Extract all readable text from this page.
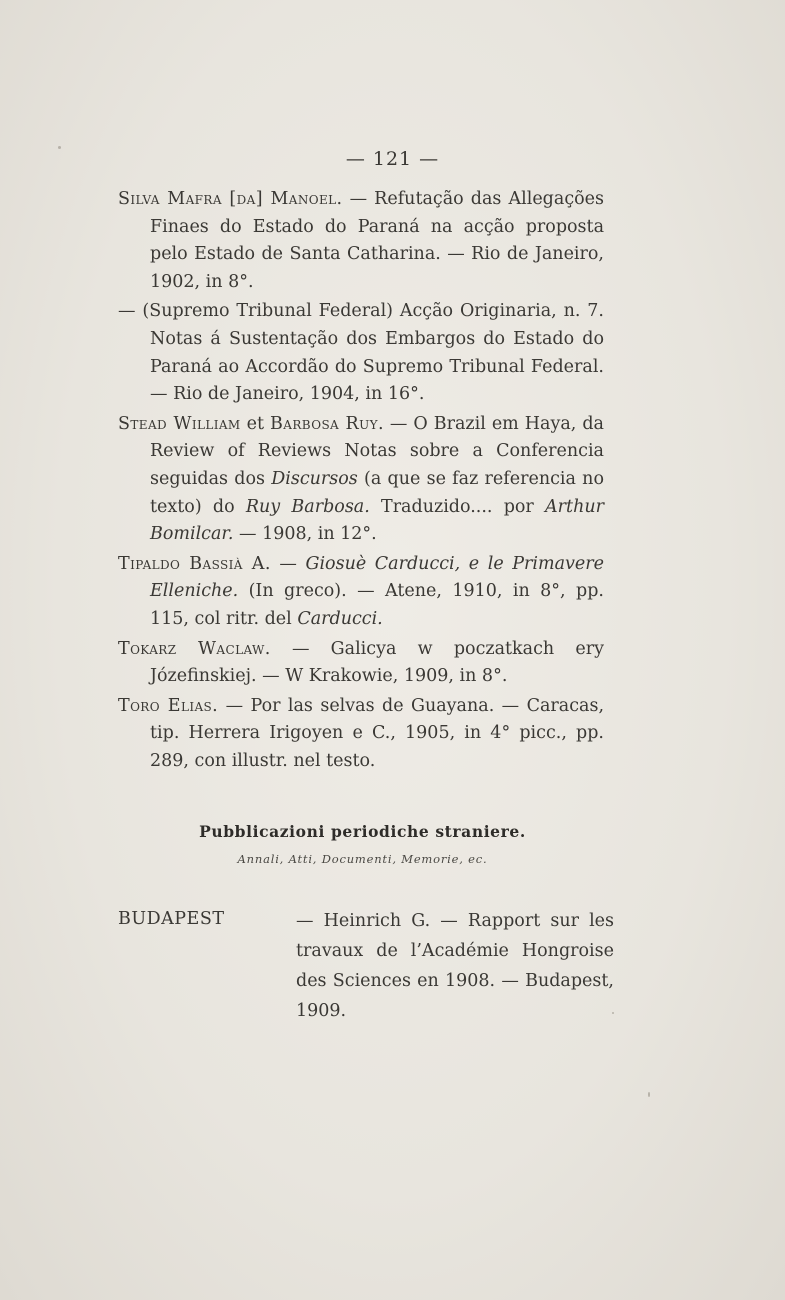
— 121 —

Silva Mafra [da] Manoel. — Refutação das Allegações Finaes do Estado do Paraná na acção proposta pelo Estado de Santa Catharina. — Rio de Janeiro, 1902, in 8°.

— (Supremo Tribunal Federal) Acção Originaria, n. 7. Notas á Sustentação dos Embargos do Estado do Paraná ao Accordão do Supremo Tribunal Federal. — Rio de Janeiro, 1904, in 16°.

Stead William et Barbosa Ruy. — O Brazil em Haya, da Review of Reviews Notas sobre a Conferencia seguidas dos Discursos (a que se faz referencia no texto) do Ruy Barbosa. Traduzido.... por Arthur Bomilcar. — 1908, in 12°.

Tipaldo Bassià A. — Giosuè Carducci, e le Primavere Elleniche. (In greco). — Atene, 1910, in 8°, pp. 115, col ritr. del Carducci.

Tokarz Waclaw. — Galicya w poczatkach ery Józefinskiej. — W Krakowie, 1909, in 8°.

Toro Elias. — Por las selvas de Guayana. — Caracas, tip. Herrera Irigoyen e C., 1905, in 4° picc., pp. 289, con illustr. nel testo.

Pubblicazioni periodiche straniere.
Annali, Atti, Documenti, Memorie, ec.
BUDAPEST	— Heinrich G. — Rapport sur les travaux de l’Académie Hongroise des Sciences en 1908. — Budapest, 1909.
